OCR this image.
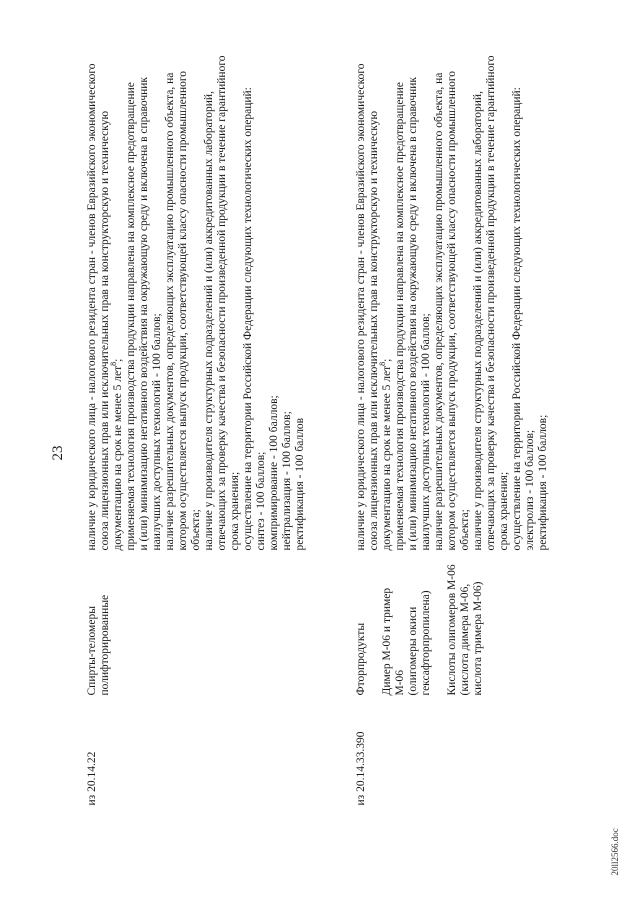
23
из 20.14.22
Спирты-теломеры полифторированные
наличие у юридического лица - налогового резидента стран - членов Евразийского экономического союза лицензионных прав или исключительных прав на конструкторскую и техническую документацию на срок не менее 5 лет$^8$; применяемая технология производства продукции направлена на комплексное предотвращение и (или) минимизацию негативного воздействия на окружающую среду и включена в справочник наилучших доступных технологий - 100 баллов; наличие разрешительных документов, определяющих эксплуатацию промышленного объекта, на котором осуществляется выпуск продукции, соответствующей классу опасности промышленного объекта; наличие у производителя структурных подразделений и (или) аккредитованных лабораторий, отвечающих за проверку качества и безопасности произведенной продукции в течение гарантийного срока хранения; осуществление на территории Российской Федерации следующих технологических операций: синтез - 100 баллов; компримирование - 100 баллов; нейтрализация - 100 баллов; ректификация - 100 баллов
из 20.14.33.390
Фторпродукты Димер М-06 и тример М-06 (олигомеры окиси гексафторпропилена) Кислоты олигомеров М-06 (кислота димера М-06, кислота тримера М-06)
наличие у юридического лица - налогового резидента стран - членов Евразийского экономического союза лицензионных прав или исключительных прав на конструкторскую и техническую документацию на срок не менее 5 лет$^8$; применяемая технология производства продукции направлена на комплексное предотвращение и (или) минимизацию негативного воздействия на окружающую среду и включена в справочник наилучших доступных технологий - 100 баллов; наличие разрешительных документов, определяющих эксплуатацию промышленного объекта, на котором осуществляется выпуск продукции, соответствующей классу опасности промышленного объекта; наличие у производителя структурных подразделений и (или) аккредитованных лабораторий, отвечающих за проверку качества и безопасности произведенной продукции в течение гарантийного срока хранения; осуществление на территории Российской Федерации следующих технологических операций: электролиз - 100 баллов; ректификация - 100 баллов;
20ll2566.doc
